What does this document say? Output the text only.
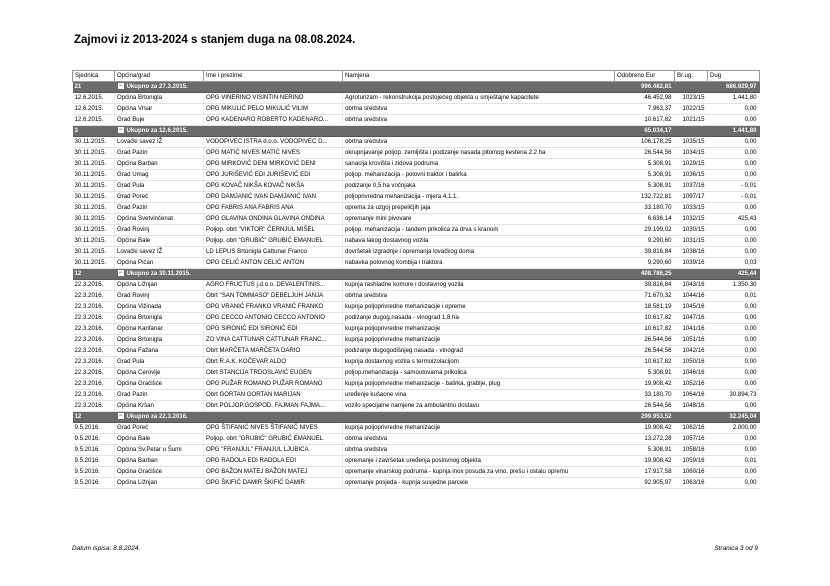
Zajmovi iz 2013-2024 s stanjem duga na 08.08.2024.
Sjednica	Općina/grad	Ime i prezime	Namjena	Odobreno Eur	Br.ug.	Dug
21	− Ukupno za 27.3.2015.			996.482,81		686.929,97
12.6.2015.	Općina Brtonigla	OPG VINERINO VISINTIN NERINO	Agroturizam - rekonstrukcija postojećeg objekta u smještajne kapacitete	46.452,98	1023/15	1.441,80
12.6.2015.	Općina Vrsar	OPG MIKULIĆ PELO MIKULIĆ VILIM	obrtna sredstva	7.963,37	1022/15	0,00
12.6.2015.	Grad Buje	OPG KADENARO ROBERTO KADENARO...	obrtna sredstva	10.617,82	1021/15	0,00
3	− Ukupno za 12.6.2015.			65.034,17		1.441,80
30.11.2015.	Lovački savez IŽ	VODOPIVEC ISTRA d.o.o. VODOPIVEC D...	obrtna sredstva	106.178,25	1035/15	0,00
30.11.2015.	Grad Pazin	OPG MATIĆ NIVES MATIĆ NIVES	okrupnjavanje poljop. zemljišta i podizanje nasada pitomog kestena 2.2 ha	26.544,56	1034/15	0,00
30.11.2015.	Općina Barban	OPG MIRKOVIĆ DENI MIRKOVIĆ DENI	sanacija krovišta i zidova podruma	5.308,91	1029/15	0,00
30.11.2015.	Grad Umag	OPG JURIŠEVIĆ EDI JURIŠEVIĆ EDI	poljop. mehanizacija - polovni traktor i balirka	5.308,91	1036/15	0,00
30.11.2015.	Grad Pula	OPG KOVAČ NIKŠA KOVAČ NIKŠA	podizanje 0,5 ha vočnjaka	5.308,91	1037/16	- 0,01
30.11.2015.	Grad Poreč	OPG DAMJANIĆ IVAN DAMJANIĆ IVAN	poljoprivredna mehanizacija - mjera 4.1.1.	132.722,81	1097/17	- 0,01
30.11.2015.	Grad Pazin	OPG FABRIS ANA FABRIS ANA	oprema za uzgoj prepeličjih jaja	33.180,70	1033/15	0,00
30.11.2015.	Općina Svetvinčenat	OPG GLAVINA ONDINA GLAVINA ONDINA	opremanje mini pivovare	6.636,14	1032/15	425,43
30.11.2015.	Grad Rovinj	Poljop. obrt "VIKTOR" ČERNJUL MIŠEL	poljop. mehanizacija - tandem prikolica za drva s kranom	29.199,02	1030/15	0,00
30.11.2015.	Općina Bale	Poljop. obrt "GRUBIĆ" GRUBIĆ EMANUEL	nabava lakog dostavnog vozila	9.290,60	1031/15	0,00
30.11.2015.	Lovački savez IŽ	LD LEPUS Brtonigla Cattunar Franco	dovršetak izgradnje i opremanja lovačkog doma	39.816,84	1038/16	0,00
30.11.2015.	Općina Pićan	OPG CELIĆ ANTON CELIĆ ANTON	nabavka polovnog kombija i traktora	9.290,60	1039/16	0,03
12	− Ukupno za 30.11.2015.			408.786,25		425,44
22.3.2016.	Općina Ližnjan	AGRO FRUCTUS j.d.o.o. DEVALENTINIS...	kupnja rashladne komore i dostavnog vozila	39.816,84	1043/16	1.350,30
22.3.2016.	Grad Rovinj	Obrt "SAN TOMMASO" DEBELJUH JANJA	obrtna sredstva	71.670,32	1044/16	0,01
22.3.2016.	Općina Vižinada	OPG VRANIĆ FRANKO VRANIĆ FRANKO	kupnja poljoprivredne mehanizacije i opreme	18.581,19	1045/16	0,00
22.3.2016.	Općina Brtonigla	OPG CECCO ANTONIO CECCO ANTONIO	podizanje dugog.nasada - vinograd 1,8 ha	10.617,82	1047/16	0,00
22.3.2016.	Općina Kanfanar	OPG SIRONIĆ EDI SIRONIĆ EDI	kupnja poljoprivredne mehanizacije	10.617,82	1041/16	0,00
22.3.2016.	Općina Brtonigla	ZO VINA CATTUNAR CATTUNAR FRANC...	kupnja poljoprivredne mehanizacije	26.544,56	1051/16	0,00
22.3.2016.	Općina Fažana	Obrt MARČETA MARČETA DARIO	podizanje dugogodišnjeg nasada - vinograd	26.544,56	1042/16	0,00
22.3.2016.	Grad Pula	Obrt R.A.K. KOČEVAR ALDO	kupnja dostavnog vozila s termoizolacijom	10.617,82	1050/16	0,00
22.3.2016.	Općina Cerovlje	Obrt STANCIJA TRDOSLAVIĆ EUGEN	poljop.mehanizacija - samoutovarna prikolica	5.308,91	1046/16	0,00
22.3.2016.	Općina Gračišće	OPG PUŽAR ROMANO PUŽAR ROMANO	kupnja poljoprivredne mehanizacije - balirka, grablje, plug	19.908,42	1052/16	0,00
22.3.2016.	Grad Pazin	Obrt GORTAN GORTAN MARIJAN	uređenje kušaone vina	33.180,70	1064/16	30.894,73
22.3.2016.	Općina Kršan	Obrt POLJOP.GOSPOD. FAJMAN FAJMA...	vozilo specijalne namjene za ambulantnu dostavu	26.544,56	1048/16	0,00
12	− Ukupno za 22.3.2016.			299.953,52		32.245,04
9.5.2016.	Grad Poreč	OPG ŠTIFANIĆ NIVES ŠTIFANIĆ NIVES	kupnja poljoprivredne mehanizacije	19.908,42	1062/16	2.000,00
9.5.2016.	Općina Bale	Poljop. obrt "GRUBIĆ" GRUBIĆ EMANUEL	obrtna sredstva	13.272,28	1057/16	0,00
9.5.2016.	Općina Sv.Petar u Šumi	OPG "FRANJUL" FRANJUL LJUBICA	obrtna sredstva	5.308,91	1058/16	0,00
9.5.2016.	Općina Barban	OPG RADOLA EDI RADOLA EDI	opremanje i završetak uređenja poslovnog objekta	19.908,42	1059/16	0,01
9.5.2016.	Općina Gračišće	OPG BAŽON MATEJ BAŽON MATEJ	opremanje vinarskog podruma - kupnja inox posuda za vino, prešu i ostalu opremu	17.917,58	1060/16	0,00
9.5.2016.	Općina Ližnjan	OPG ŠKIFIĆ DAMIR ŠKIFIĆ DAMIR	opremanje posjeda - kupnja susjedne parcele	92.905,97	1063/16	0,00
Datum ispisa: 8.8.2024.	Stranica 3 od 9
